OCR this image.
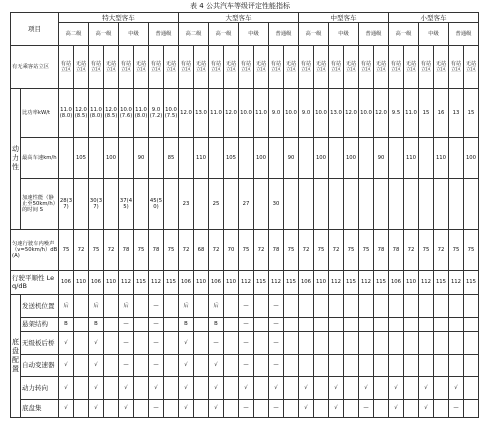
表 4 公共汽车等级评定性能指标
项目		特大型客车								大型客车								中型客车						小型客车					
		高二级		高一级		中级		普通级		高二级		高一级		中级		普通级		高一级		中级		普通级		高一级		中级		普通级	
有无乘客站立区		有站立区	无站立区	有站立区	无站立区	有站立区	无站立区	有站立区	无站立区	有站立区	无站立区	有站立区	无站立区	有站立区	无站立区	有站立区	无站立区	有站立区	无站立区	有站立区	无站立区	有站立区	无站立区	有站立区	无站立区	有站立区	无站立区	有站立区	无站立区
动力性	比功率kW/t	11.0(8.0)	12.0(8.5)	11.0(8.0)	12.0(8.5)	10.0(7.6)	11.0(8.0)	9.0(7.2)	10.0(7.5)	12.0	13.0	11.0	12.0	10.0	11.0	9.0	10.0	9.0	10.0	13.0	12.0	10.0	12.0	9.5	11.0	15	16	13	15
	最高车速km/h		105		100		90		85		110		105		100		90		100		100		90		110		110		100
	加速性能（静止至50km/h）的时间 S	28(37)		30(37)		37(45)		45(50)		23		25		27		30													
匀速行驶车内噪声（v=50km/h）dB(A)		75	72	75	72	78	75	78	75	72	68	72	70	75	72	78	75	72	75	72	75	75	78	78	72	75	72	75	75
行驶平顺性 Leq/dB		106	110	106	110	112	115	112	115	106	110	106	110	112	115	112	115	106	110	112	115	112	115	106	110	112	115	112	115
底盘配置	发送机位置	后		后		后		—		后		后		—		—													
	悬架结构	B		B		—		—		B		B		—		—													
	无级板后桥	√		√		—		—		√		—		—		—													
	自动变速器	√		√		—		—		√		√		—		—													
	动力转向	√		√		√		√		√		√		√		√		√		√		√		√		√		√	
	底盘集	√		√		√		—		√		√		—		—		√		√		—		√		√		—	
